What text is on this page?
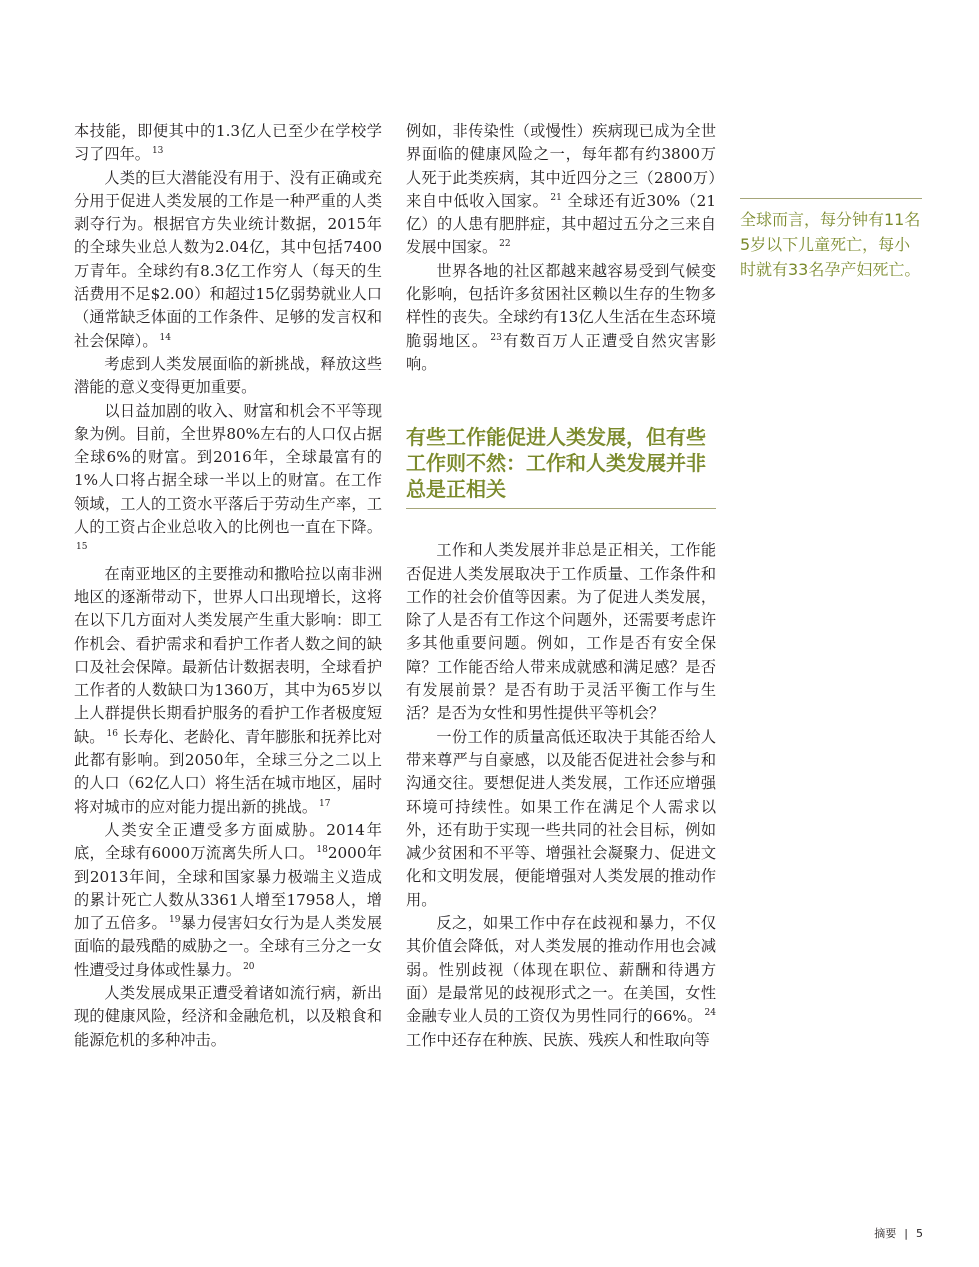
本技能，即便其中的1.3亿人已至少在学校学习了四年。 $^{13}$

人类的巨大潜能没有用于、没有正确或充分用于促进人类发展的工作是一种严重的人类剥夺行为。根据官方失业统计数据，2015年的全球失业总人数为2.04亿，其中包括7400万青年。全球约有8.3亿工作穷人（每天的生活费用不足$2.00）和超过15亿弱势就业人口（通常缺乏体面的工作条件、足够的发言权和社会保障）。 $^{14}$

考虑到人类发展面临的新挑战，释放这些潜能的意义变得更加重要。

以日益加剧的收入、财富和机会不平等现象为例。目前，全世界80%左右的人口仅占据全球6%的财富。到2016年，全球最富有的1%人口将占据全球一半以上的财富。在工作领域，工人的工资水平落后于劳动生产率，工人的工资占企业总收入的比例也一直在下降。$^{15}$

在南亚地区的主要推动和撒哈拉以南非洲地区的逐渐带动下，世界人口出现增长，这将在以下几方面对人类发展产生重大影响：即工作机会、看护需求和看护工作者人数之间的缺口及社会保障。最新估计数据表明，全球看护工作者的人数缺口为1360万，其中为65岁以上人群提供长期看护服务的看护工作者极度短缺。 $^{16}$ 长寿化、老龄化、青年膨胀和抚养比对此都有影响。到2050年，全球三分之二以上的人口（62亿人口）将生活在城市地区，届时将对城市的应对能力提出新的挑战。 $^{17}$

人类安全正遭受多方面威胁。2014年底，全球有6000万流离失所人口。 $^{18}$2000年到2013年间，全球和国家暴力极端主义造成的累计死亡人数从3361人增至17958人，增加了五倍多。 $^{19}$暴力侵害妇女行为是人类发展面临的最残酷的威胁之一。全球有三分之一女性遭受过身体或性暴力。 $^{20}$

人类发展成果正遭受着诸如流行病，新出现的健康风险，经济和金融危机，以及粮食和能源危机的多种冲击。

例如，非传染性（或慢性）疾病现已成为全世界面临的健康风险之一，每年都有约3800万人死于此类疾病，其中近四分之三（2800万）来自中低收入国家。 $^{21}$ 全球还有近30%（21亿）的人患有肥胖症，其中超过五分之三来自发展中国家。 $^{22}$

世界各地的社区都越来越容易受到气候变化影响，包括许多贫困社区赖以生存的生物多样性的丧失。全球约有13亿人生活在生态环境脆弱地区。 $^{23}$有数百万人正遭受自然灾害影响。

有些工作能促进人类发展，但有些工作则不然：工作和人类发展并非总是正相关

工作和人类发展并非总是正相关，工作能否促进人类发展取决于工作质量、工作条件和工作的社会价值等因素。为了促进人类发展，除了人是否有工作这个问题外，还需要考虑许多其他重要问题。例如，工作是否有安全保障？工作能否给人带来成就感和满足感？是否有发展前景？是否有助于灵活平衡工作与生活？是否为女性和男性提供平等机会？

一份工作的质量高低还取决于其能否给人带来尊严与自豪感，以及能否促进社会参与和沟通交往。要想促进人类发展，工作还应增强环境可持续性。如果工作在满足个人需求以外，还有助于实现一些共同的社会目标，例如减少贫困和不平等、增强社会凝聚力、促进文化和文明发展，便能增强对人类发展的推动作用。

反之，如果工作中存在歧视和暴力，不仅其价值会降低，对人类发展的推动作用也会减弱。性别歧视（体现在职位、薪酬和待遇方面）是最常见的歧视形式之一。在美国，女性金融专业人员的工资仅为男性同行的66%。 $^{24}$ 工作中还存在种族、民族、残疾人和性取向等

全球而言，每分钟有11名5岁以下儿童死亡，每小时就有33名孕产妇死亡。
摘要 | 5
